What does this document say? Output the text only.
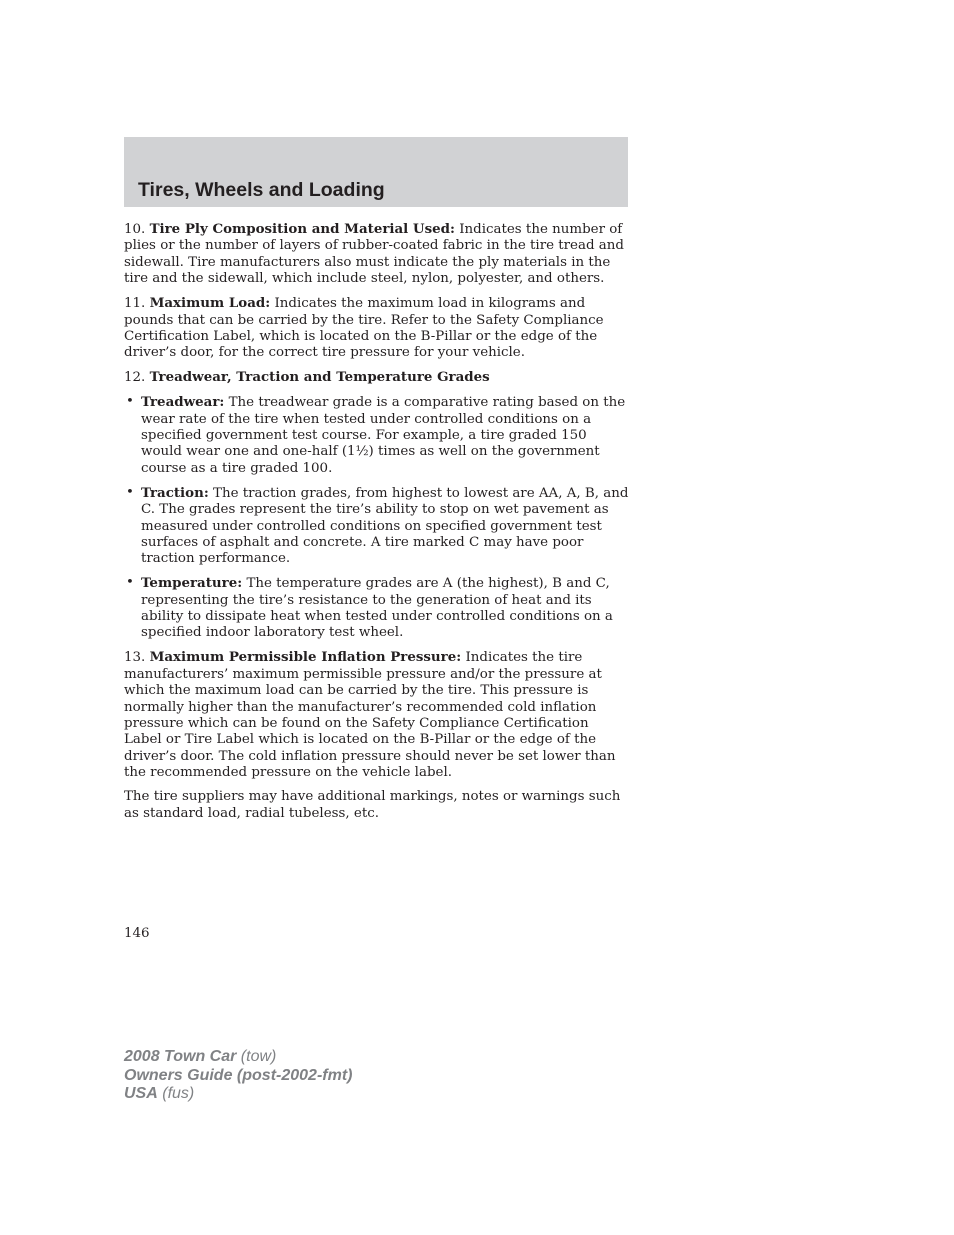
Tires, Wheels and Loading

10. Tire Ply Composition and Material Used: Indicates the number of plies or the number of layers of rubber-coated fabric in the tire tread and sidewall. Tire manufacturers also must indicate the ply materials in the tire and the sidewall, which include steel, nylon, polyester, and others.

11. Maximum Load: Indicates the maximum load in kilograms and pounds that can be carried by the tire. Refer to the Safety Compliance Certification Label, which is located on the B-Pillar or the edge of the driver’s door, for the correct tire pressure for your vehicle.

12. Treadwear, Traction and Temperature Grades

• Treadwear: The treadwear grade is a comparative rating based on the wear rate of the tire when tested under controlled conditions on a specified government test course. For example, a tire graded 150 would wear one and one-half (1½) times as well on the government course as a tire graded 100.
• Traction: The traction grades, from highest to lowest are AA, A, B, and C. The grades represent the tire’s ability to stop on wet pavement as measured under controlled conditions on specified government test surfaces of asphalt and concrete. A tire marked C may have poor traction performance.
• Temperature: The temperature grades are A (the highest), B and C, representing the tire’s resistance to the generation of heat and its ability to dissipate heat when tested under controlled conditions on a specified indoor laboratory test wheel.

13. Maximum Permissible Inflation Pressure: Indicates the tire manufacturers’ maximum permissible pressure and/or the pressure at which the maximum load can be carried by the tire. This pressure is normally higher than the manufacturer’s recommended cold inflation pressure which can be found on the Safety Compliance Certification Label or Tire Label which is located on the B-Pillar or the edge of the driver’s door. The cold inflation pressure should never be set lower than the recommended pressure on the vehicle label.

The tire suppliers may have additional markings, notes or warnings such as standard load, radial tubeless, etc.

146
2008 Town Car (tow)
Owners Guide (post-2002-fmt)
USA (fus)
